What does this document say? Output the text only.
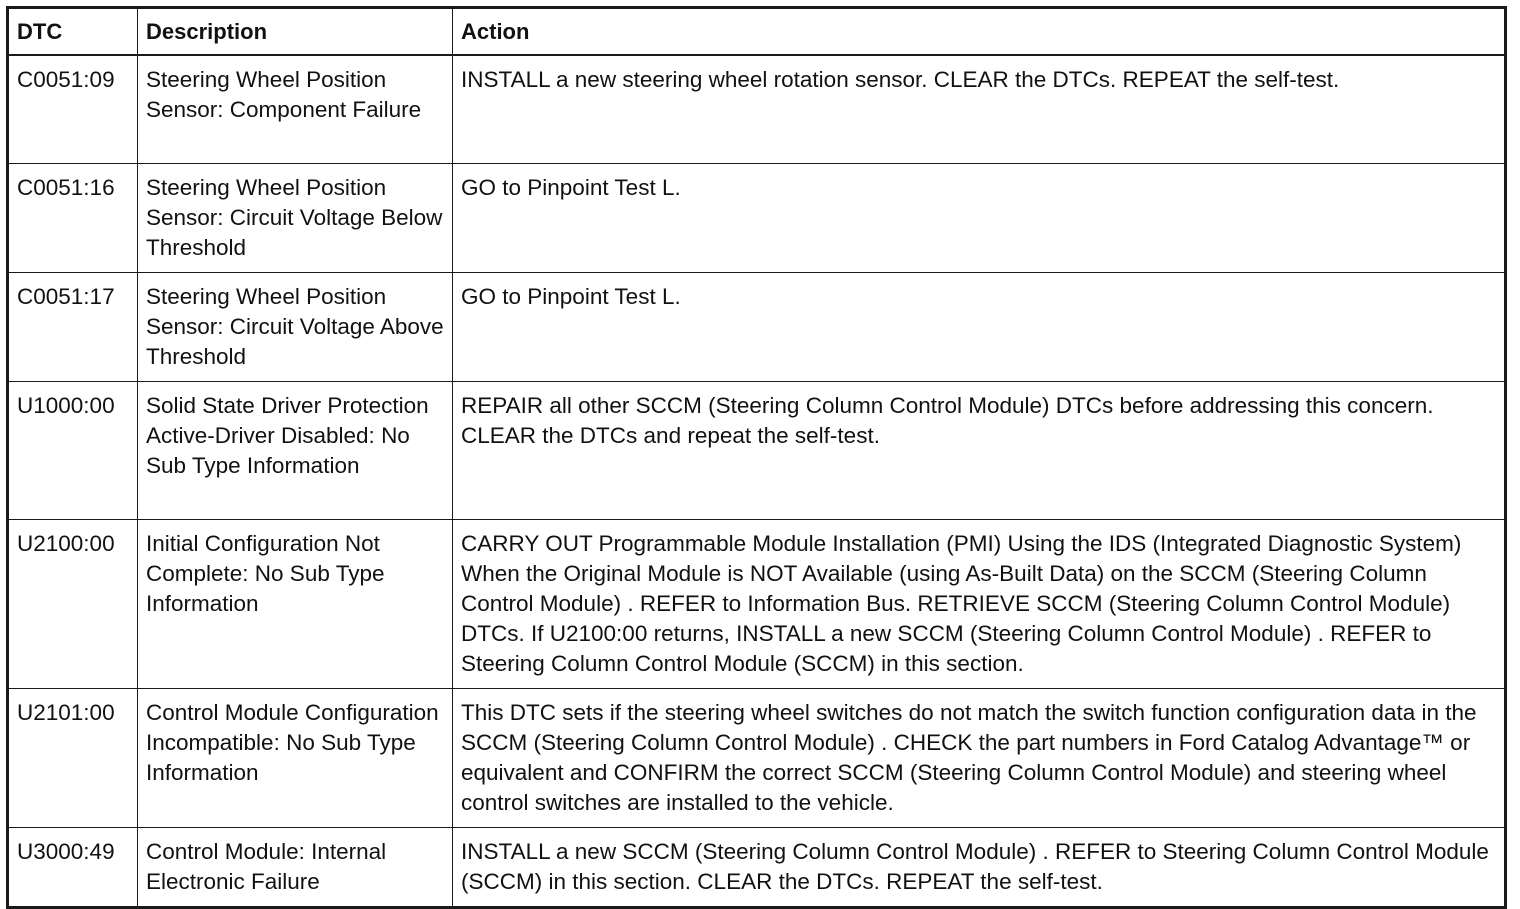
DTC	Description	Action
C0051:09	Steering Wheel Position Sensor: Component Failure	INSTALL a new steering wheel rotation sensor. CLEAR the DTCs. REPEAT the self-test.
C0051:16	Steering Wheel Position Sensor: Circuit Voltage Below Threshold	GO to Pinpoint Test L.
C0051:17	Steering Wheel Position Sensor: Circuit Voltage Above Threshold	GO to Pinpoint Test L.
U1000:00	Solid State Driver Protection Active-Driver Disabled: No Sub Type Information	REPAIR all other SCCM (Steering Column Control Module) DTCs before addressing this concern. CLEAR the DTCs and repeat the self-test.
U2100:00	Initial Configuration Not Complete: No Sub Type Information	CARRY OUT Programmable Module Installation (PMI) Using the IDS (Integrated Diagnostic System) When the Original Module is NOT Available (using As-Built Data) on the SCCM (Steering Column Control Module) . REFER to Information Bus. RETRIEVE SCCM (Steering Column Control Module) DTCs. If U2100:00 returns, INSTALL a new SCCM (Steering Column Control Module) . REFER to Steering Column Control Module (SCCM) in this section.
U2101:00	Control Module Configuration Incompatible: No Sub Type Information	This DTC sets if the steering wheel switches do not match the switch function configuration data in the SCCM (Steering Column Control Module) . CHECK the part numbers in Ford Catalog Advantage™ or equivalent and CONFIRM the correct SCCM (Steering Column Control Module) and steering wheel control switches are installed to the vehicle.
U3000:49	Control Module: Internal Electronic Failure	INSTALL a new SCCM (Steering Column Control Module) . REFER to Steering Column Control Module (SCCM) in this section. CLEAR the DTCs. REPEAT the self-test.
